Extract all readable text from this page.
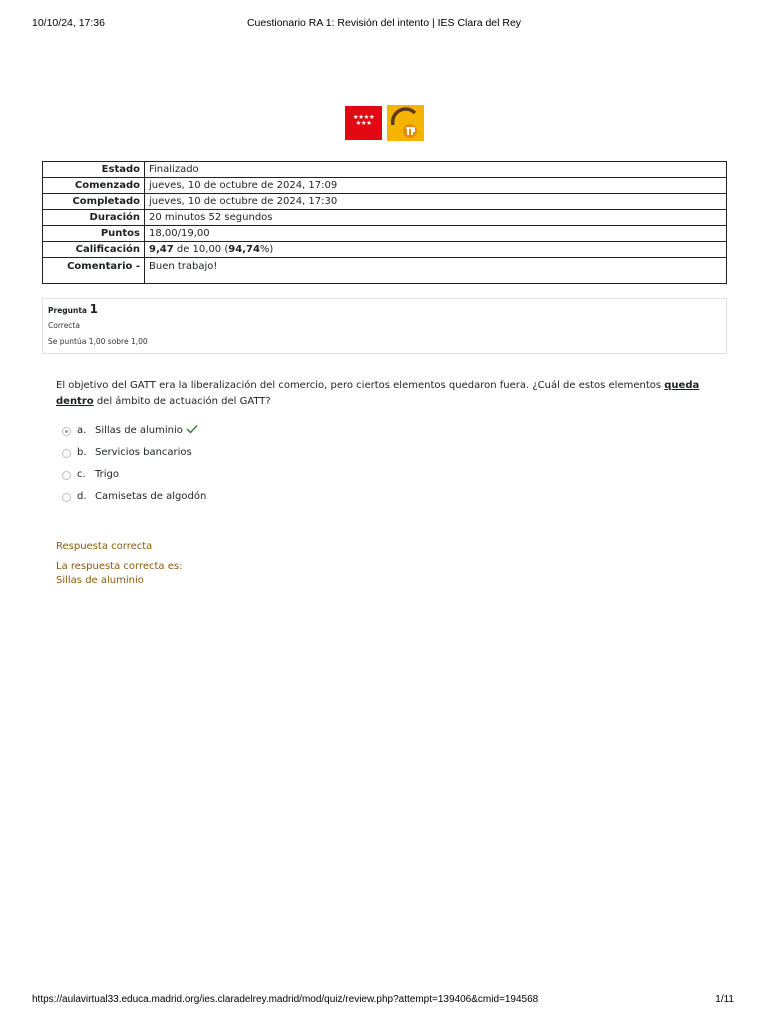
10/10/24, 17:36	Cuestionario RA 1: Revisión del intento | IES Clara del Rey
★★★★
★★★
Estado	Finalizado
Comenzado	jueves, 10 de octubre de 2024, 17:09
Completado	jueves, 10 de octubre de 2024, 17:30
Duración	20 minutos 52 segundos
Puntos	18,00/19,00
Calificación	9,47 de 10,00 (94,74%)
Comentario -	Buen trabajo!
Pregunta 1
Correcta
Se puntúa 1,00 sobre 1,00
El objetivo del GATT era la liberalización del comercio, pero ciertos elementos quedaron fuera. ¿Cuál de estos elementos queda dentro del ámbito de actuación del GATT?
a. Sillas de aluminio
b. Servicios bancarios
c. Trigo
d. Camisetas de algodón
Respuesta correcta
La respuesta correcta es:
Sillas de aluminio
https://aulavirtual33.educa.madrid.org/ies.claradelrey.madrid/mod/quiz/review.php?attempt=139406&cmid=194568	1/11
